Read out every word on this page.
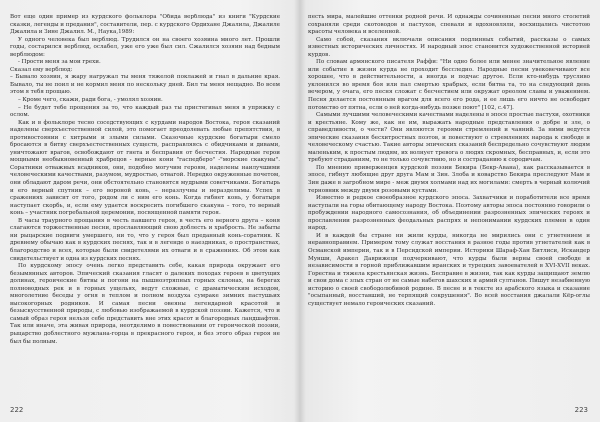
Вот еще один пример из курдского фольклора "Обида верблюда" из книги "Курдские сказки, легенды и предания", составители, пер. с курдского Ордихане Джалила, Джалиле Джалила и Зине Джалил. М., Наука,1989:

У одного человека был верблюд. Трудился он на своего хозяина много лет. Прошли годы, состарился верблюд, ослабел, уже его уже был сил. Сжалился хозяин над бедным верблюдом:

- Прости меня за мои грехи.

Сказал ему верблюд:

– Бывало хозяин, я жару нагружал ты меня тяжелой поклажей и гнал в дальние края. Бывало, ты не поил и не кормил меня по нескольку дней. Бил ты меня нещадно. Во всем этом я тебя прощаю.

– Кроме чего, скажи, ради бога, - умолял хозяин.

– Не будет тебе прощения за то, что каждый раз ты пристегивал меня в упряжку с ослом.

Как и в фольклоре тесно соседствующих с курдами народов Востока, героя сказаний наделены сверхъестественной силой, это помогает преодолевать любые препятствия, в противостоянии с хитрыми и злыми силами. Сказочные курдские богатыри смело бросаются в битву сверхъестественных существ, расправляясь с обидчиками и дивами, уничтожают врагов, освобождают от гнета и бесправия от бесчестия. Народные герои мощными необыкновенный храбрецов - верные кони "гаспедберо" -"морские скакуны". Соратники отважных всадников, они, подобно могучим героям, наделены наилучшими человеческими качествами, разумом, мудростью, отвагой. Нередко окруженные почетом, они обладают даром речи, они обстоятельно становятся мудрыми советчиками. Богатырь и его верный спутник – его вороной конь, – неразлучны и неразделимы. Успех в сражениях зависит от того, рядом ли с ним его конь. Когда гибнет конь, у богатыря наступает скорбь, и, если ему удается воскресить погибшего скакуна – того, то верный конь – участник погребальной церемонии, посвященной памяти героя.

В часы траурного прощания в честь павшего героя, в честь его верного друга – коня слагаются торжественные песни, прославляющий свою доблесть и храбрость. Не забыты ни рыцарские подвиги умершего, ни то, что у героя был преданный конь-соратник. К древнему обычаю как в курдских песнях, так и в легенде о наездниках, о пространствах, благородство и всех, которые были свидетелями их отваги и в сражениях. Об этом как свидетельствует и одна из курдских песнях.

По курдскому эпосу очень легко представить себе, какая природа окружает его безымянных авторов. Эпический сказания гласят о далеких походах героев в цветущих долинах, героические битвы и погони на пышноэтряпных горных склонах, на берегах полноводных рек и в горных ущельях, ведут сложные, с драматическим исходом, многолетние беседы у огня в теплом и полном воздуха сумраке зимних пастушьих высокогорных родников. И самая песни овеяны легендарной красотой и безыскусственной природы, с любовью изображаемой в курдской поэзии. Кажется, что и самый образ героя нельзя себе представить вне этих красот и благородных ландшафтов. Так или иначе, эта живая природа, неотделимо в повествовании от героической поэзии, рыцарство доблестного мужлана-горца в прекрасного героя, и без этого образ героя не был бы полным.

песть мира, малейшие оттенки родной речи. И однажды сочиненные песни много столетий сохраняли среди скотоводов и пастухов, спевали и вдохновляли, восхищались чистотою красоты человека и вселенной.

Само собой, сказания включали описания подлинных событий, рассказы о самых известных исторических личностях. И народный эпос становится художественной историей курдов.

По словам армянского писателя Раффи: "Ни одно более или менее значительное явление или событие в жизни курда не проходит бесследно. Народные песни увековечивают все хорошее, что в действительности, а иногда и подчас другое. Если кто-нибудь трусливо уклонился во время боя или пал смертью храбрых, если битва та, то на следующий день вечером, у очага, его песня сложат с бесчестием или окружат ореолом славы и уважением. Песня делается постоянным врагом для всего его рода, и ее лишь его ничто не освободит потомство от пятна, если о ней когда-нибудь позже поют" [102, с.47].

Самыми лучшими человеческими качествами наделены в эпосе простые пастухи, охотники и крестьяне. Кому же, как не им, выражать народные представления о добре и зле, о справедливости, о чести? Они являются героями стремлений и чаяний. За ними ведутся эпические сказания бесхитростных поэтов, и повествуют о стремлениях народа к свободе и человеческому счастью. Такие авторы эпических сказаний беспредельно сочувствуют людям маленьким, к простым людям, их волнует тревога о людях скромных, бесправных, и, если это требуют страданиям, то не только сочувствию, но и состраданию к сородичам.

По мнению приверженцев курдской поэзии Бекира (Бекр-Авана), как рассказывается в эпосе, гибнут любящие друг друга Мам и Зин. Злоба и коварство Бекира преследуют Мам и Зин даже в загробном мире - меж двумя холмами над их могилами: смерть в черный колючий терновник между двумя розовыми кустами.

Известно и редкое своеобразное курдского эпоса. Захватчики и поработители все время наступали на горы обитающему народу Востока. Поэтому авторы эпоса постоянно говорили о пробуждении народного самосознания, об объединении разрозненных эпических героях и прославлении разрозненных феодальных распрях и непонимании курдских племен в один народ.

И в каждой бы стране ни жили курды, никогда не мирились они с угнетением и неравноправием. Примером тому служат восстания в разное годы против угнетателей как в Османской империи, так и в Персидской империи. Историки Шараф-Хан Битлиси, Искандер Мунши, Аракел Даврижеци подчеркивают, что курды были верны своей свободе и независимости в горной приближавшим иранских и турецких завоевателей в XVI-XVII веках. Горестна и тяжела крестьянская жизнь. Бесправие в жизни, так как курды защищают землю и свои дома с злых стран от не самые набегов шахских и армий султанов. Пишут незабвенную историю о своей свободолюбивой родине. В песне и в тексте из арабского языка и сказание "осыпанный, восставший, не терпящий сокрушения". Во всей восстания джалали Кёр-оглы существует немало героических сказаний.

222	223
